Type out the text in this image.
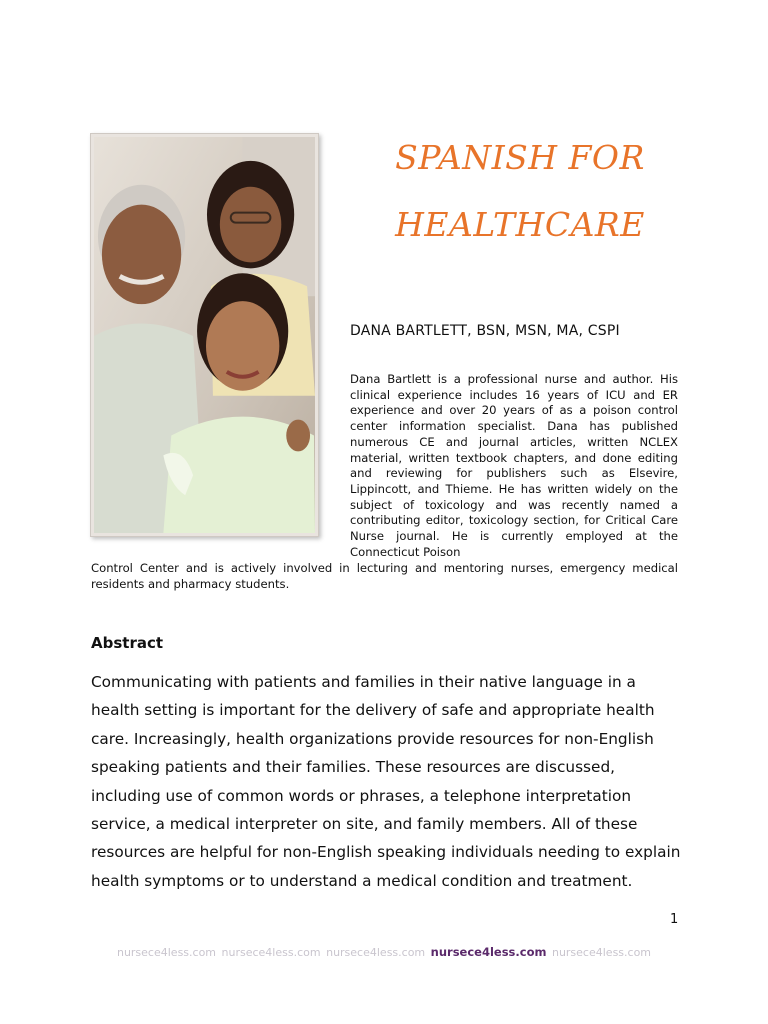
SPANISH FOR
HEALTHCARE
DANA BARTLETT, BSN, MSN, MA, CSPI
Dana Bartlett is a professional nurse and author. His clinical experience includes 16 years of ICU and ER experience and over 20 years of as a poison control center information specialist. Dana has published numerous CE and journal articles, written NCLEX material, written textbook chapters, and done editing and reviewing for publishers such as Elsevire, Lippincott, and Thieme. He has written widely on the subject of toxicology and was recently named a contributing editor, toxicology section, for Critical Care Nurse journal. He is currently employed at the Connecticut Poison
Control Center and is actively involved in lecturing and mentoring nurses, emergency medical residents and pharmacy students.
Abstract
Communicating with patients and families in their native language in a health setting is important for the delivery of safe and appropriate health care. Increasingly, health organizations provide resources for non-English speaking patients and their families. These resources are discussed, including use of common words or phrases, a telephone interpretation service, a medical interpreter on site, and family members. All of these resources are helpful for non-English speaking individuals needing to explain health symptoms or to understand a medical condition and treatment.
1
nursece4less.com nursece4less.com nursece4less.com nursece4less.com nursece4less.com
